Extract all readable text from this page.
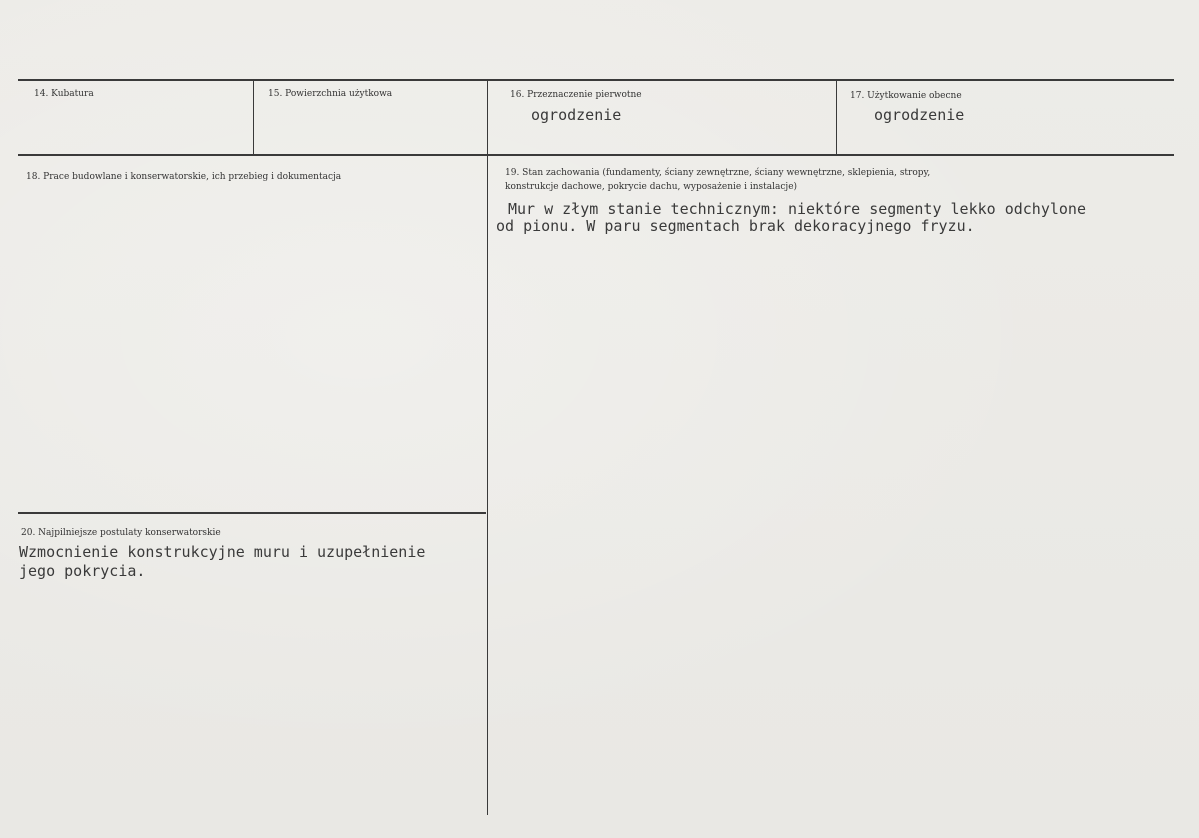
14. Kubatura	15. Powierzchnia użytkowa	16. Przeznaczenie pierwotne
ogrodzenie
17. Użytkowanie obecne
ogrodzenie
18. Prace budowlane i konserwatorskie, ich przebieg i dokumentacja	19. Stan zachowania (fundamenty, ściany zewnętrzne, ściany wewnętrzne, sklepienia, stropy,
konstrukcje dachowe, pokrycie dachu, wyposażenie i instalacje)
Mur w złym stanie technicznym: niektóre segmenty lekko odchylone
od pionu. W paru segmentach brak dekoracyjnego fryzu.
20. Najpilniejsze postulaty konserwatorskie
Wzmocnienie konstrukcyjne muru i uzupełnienie
jego pokrycia.
